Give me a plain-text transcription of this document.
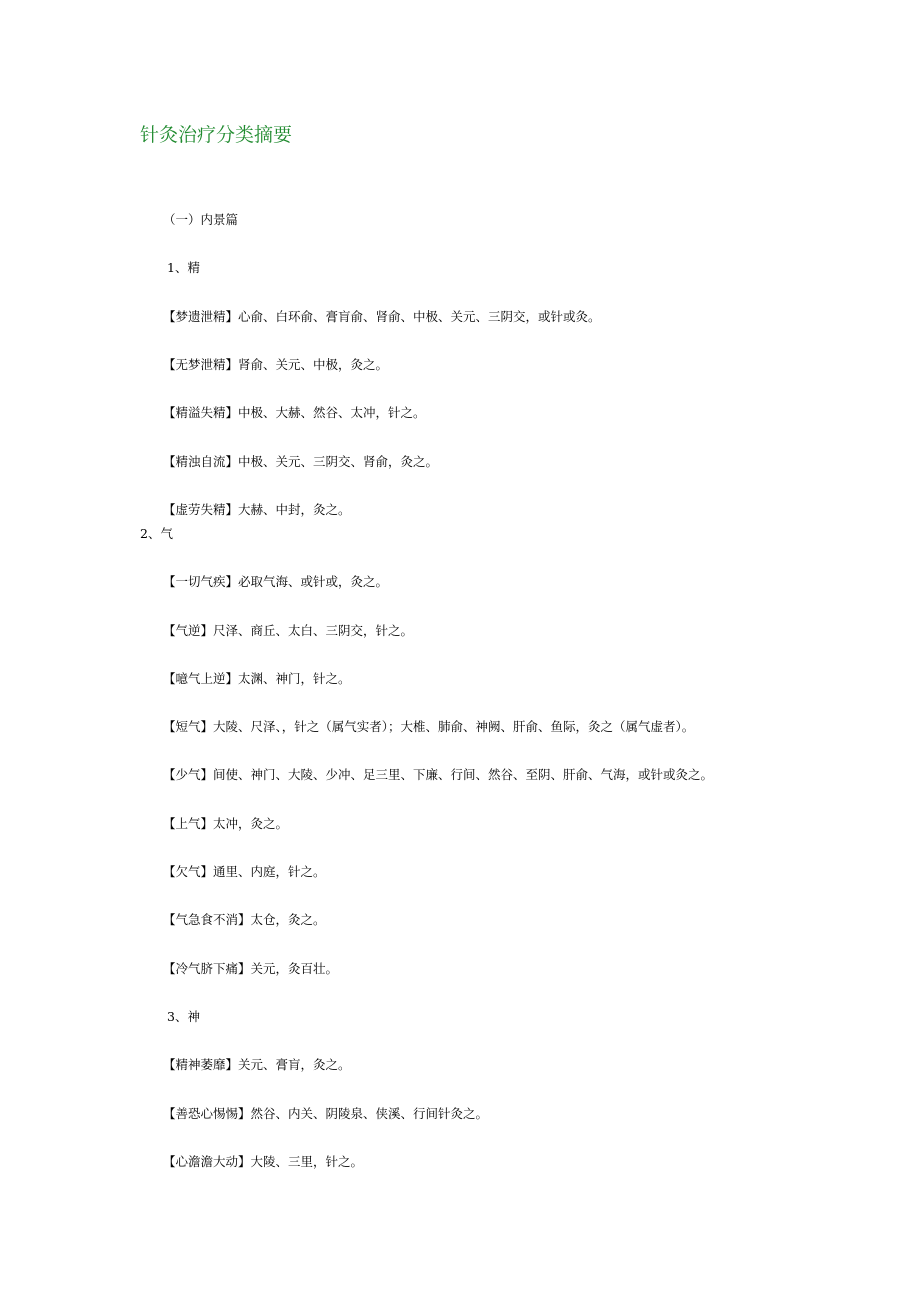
针灸治疗分类摘要
（一）内景篇
1、精
【梦遗泄精】心俞、白环俞、膏肓俞、肾俞、中极、关元、三阴交，或针或灸。
【无梦泄精】肾俞、关元、中极，灸之。
【精溢失精】中极、大赫、然谷、太冲，针之。
【精浊自流】中极、关元、三阴交、肾俞，灸之。
【虚劳失精】大赫、中封，灸之。
2、气
【一切气疾】必取气海、或针或，灸之。
【气逆】尺泽、商丘、太白、三阴交，针之。
【噫气上逆】太渊、神门，针之。
【短气】大陵、尺泽、，针之（属气实者）；大椎、肺俞、神阙、肝俞、鱼际，灸之（属气虚者）。
【少气】间使、神门、大陵、少冲、足三里、下廉、行间、然谷、至阴、肝俞、气海，或针或灸之。
【上气】太冲，灸之。
【欠气】通里、内庭，针之。
【气急食不消】太仓，灸之。
【冷气脐下痛】关元，灸百壮。
3、神
【精神萎靡】关元、膏肓，灸之。
【善恐心惕惕】然谷、内关、阴陵泉、侠溪、行间针灸之。
【心澹澹大动】大陵、三里，针之。
